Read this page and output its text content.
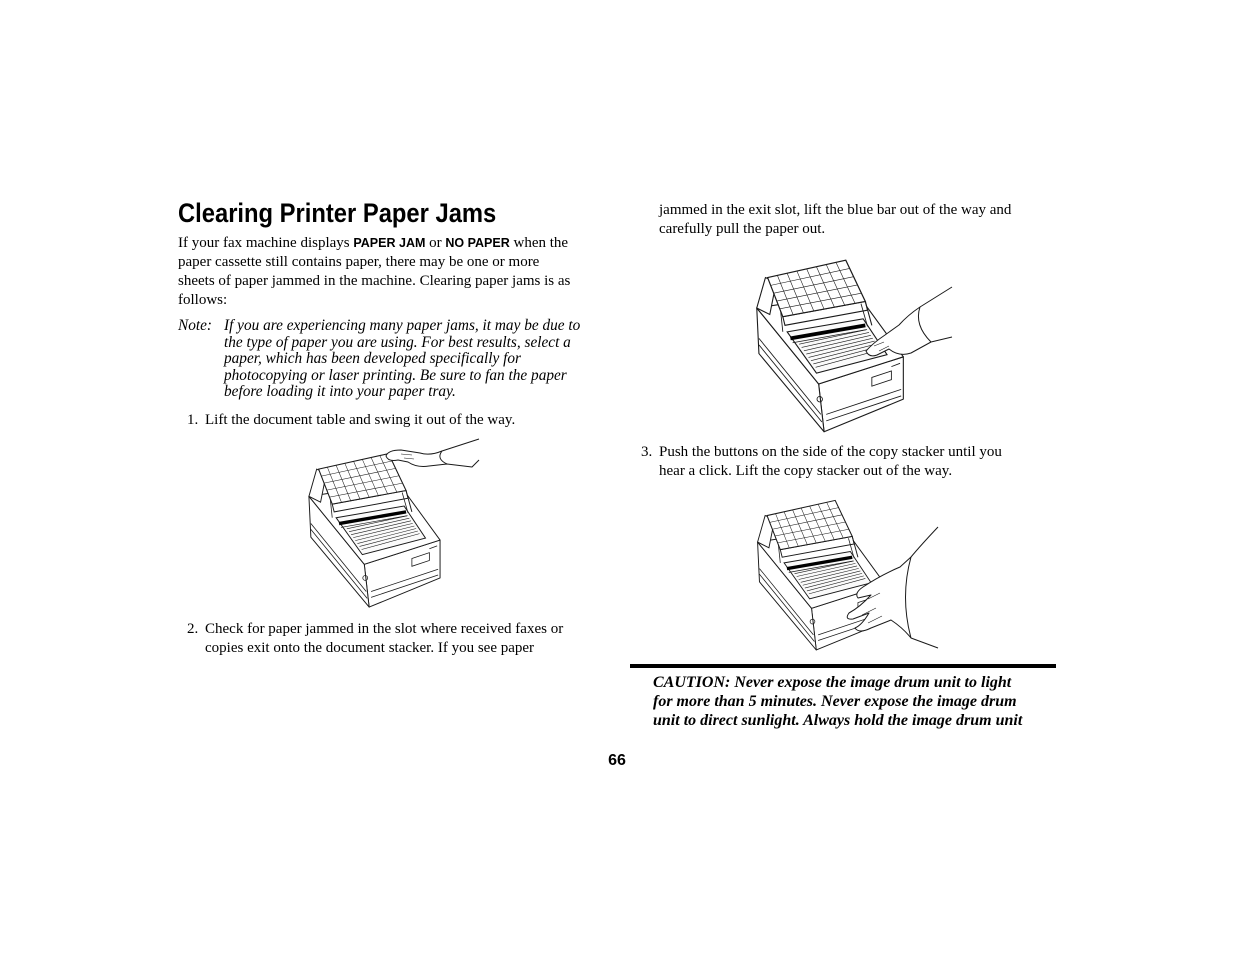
Clearing Printer Paper Jams
If your fax machine displays PAPER JAM or NO PAPER when the
paper cassette still contains paper, there may be one or more
sheets of paper jammed in the machine. Clearing paper jams is as
follows:
Note: If you are experiencing many paper jams, it may be due to
the type of paper you are using. For best results, select a
paper, which has been developed specifically for
photocopying or laser printing. Be sure to fan the paper
before loading it into your paper tray.
1. Lift the document table and swing it out of the way.
2. Check for paper jammed in the slot where received faxes or
copies exit onto the document stacker. If you see paper
jammed in the exit slot, lift the blue bar out of the way and
carefully pull the paper out.
3. Push the buttons on the side of the copy stacker until you
hear a click. Lift the copy stacker out of the way.
CAUTION: Never expose the image drum unit to light
for more than 5 minutes. Never expose the image drum
unit to direct sunlight. Always hold the image drum unit
66
